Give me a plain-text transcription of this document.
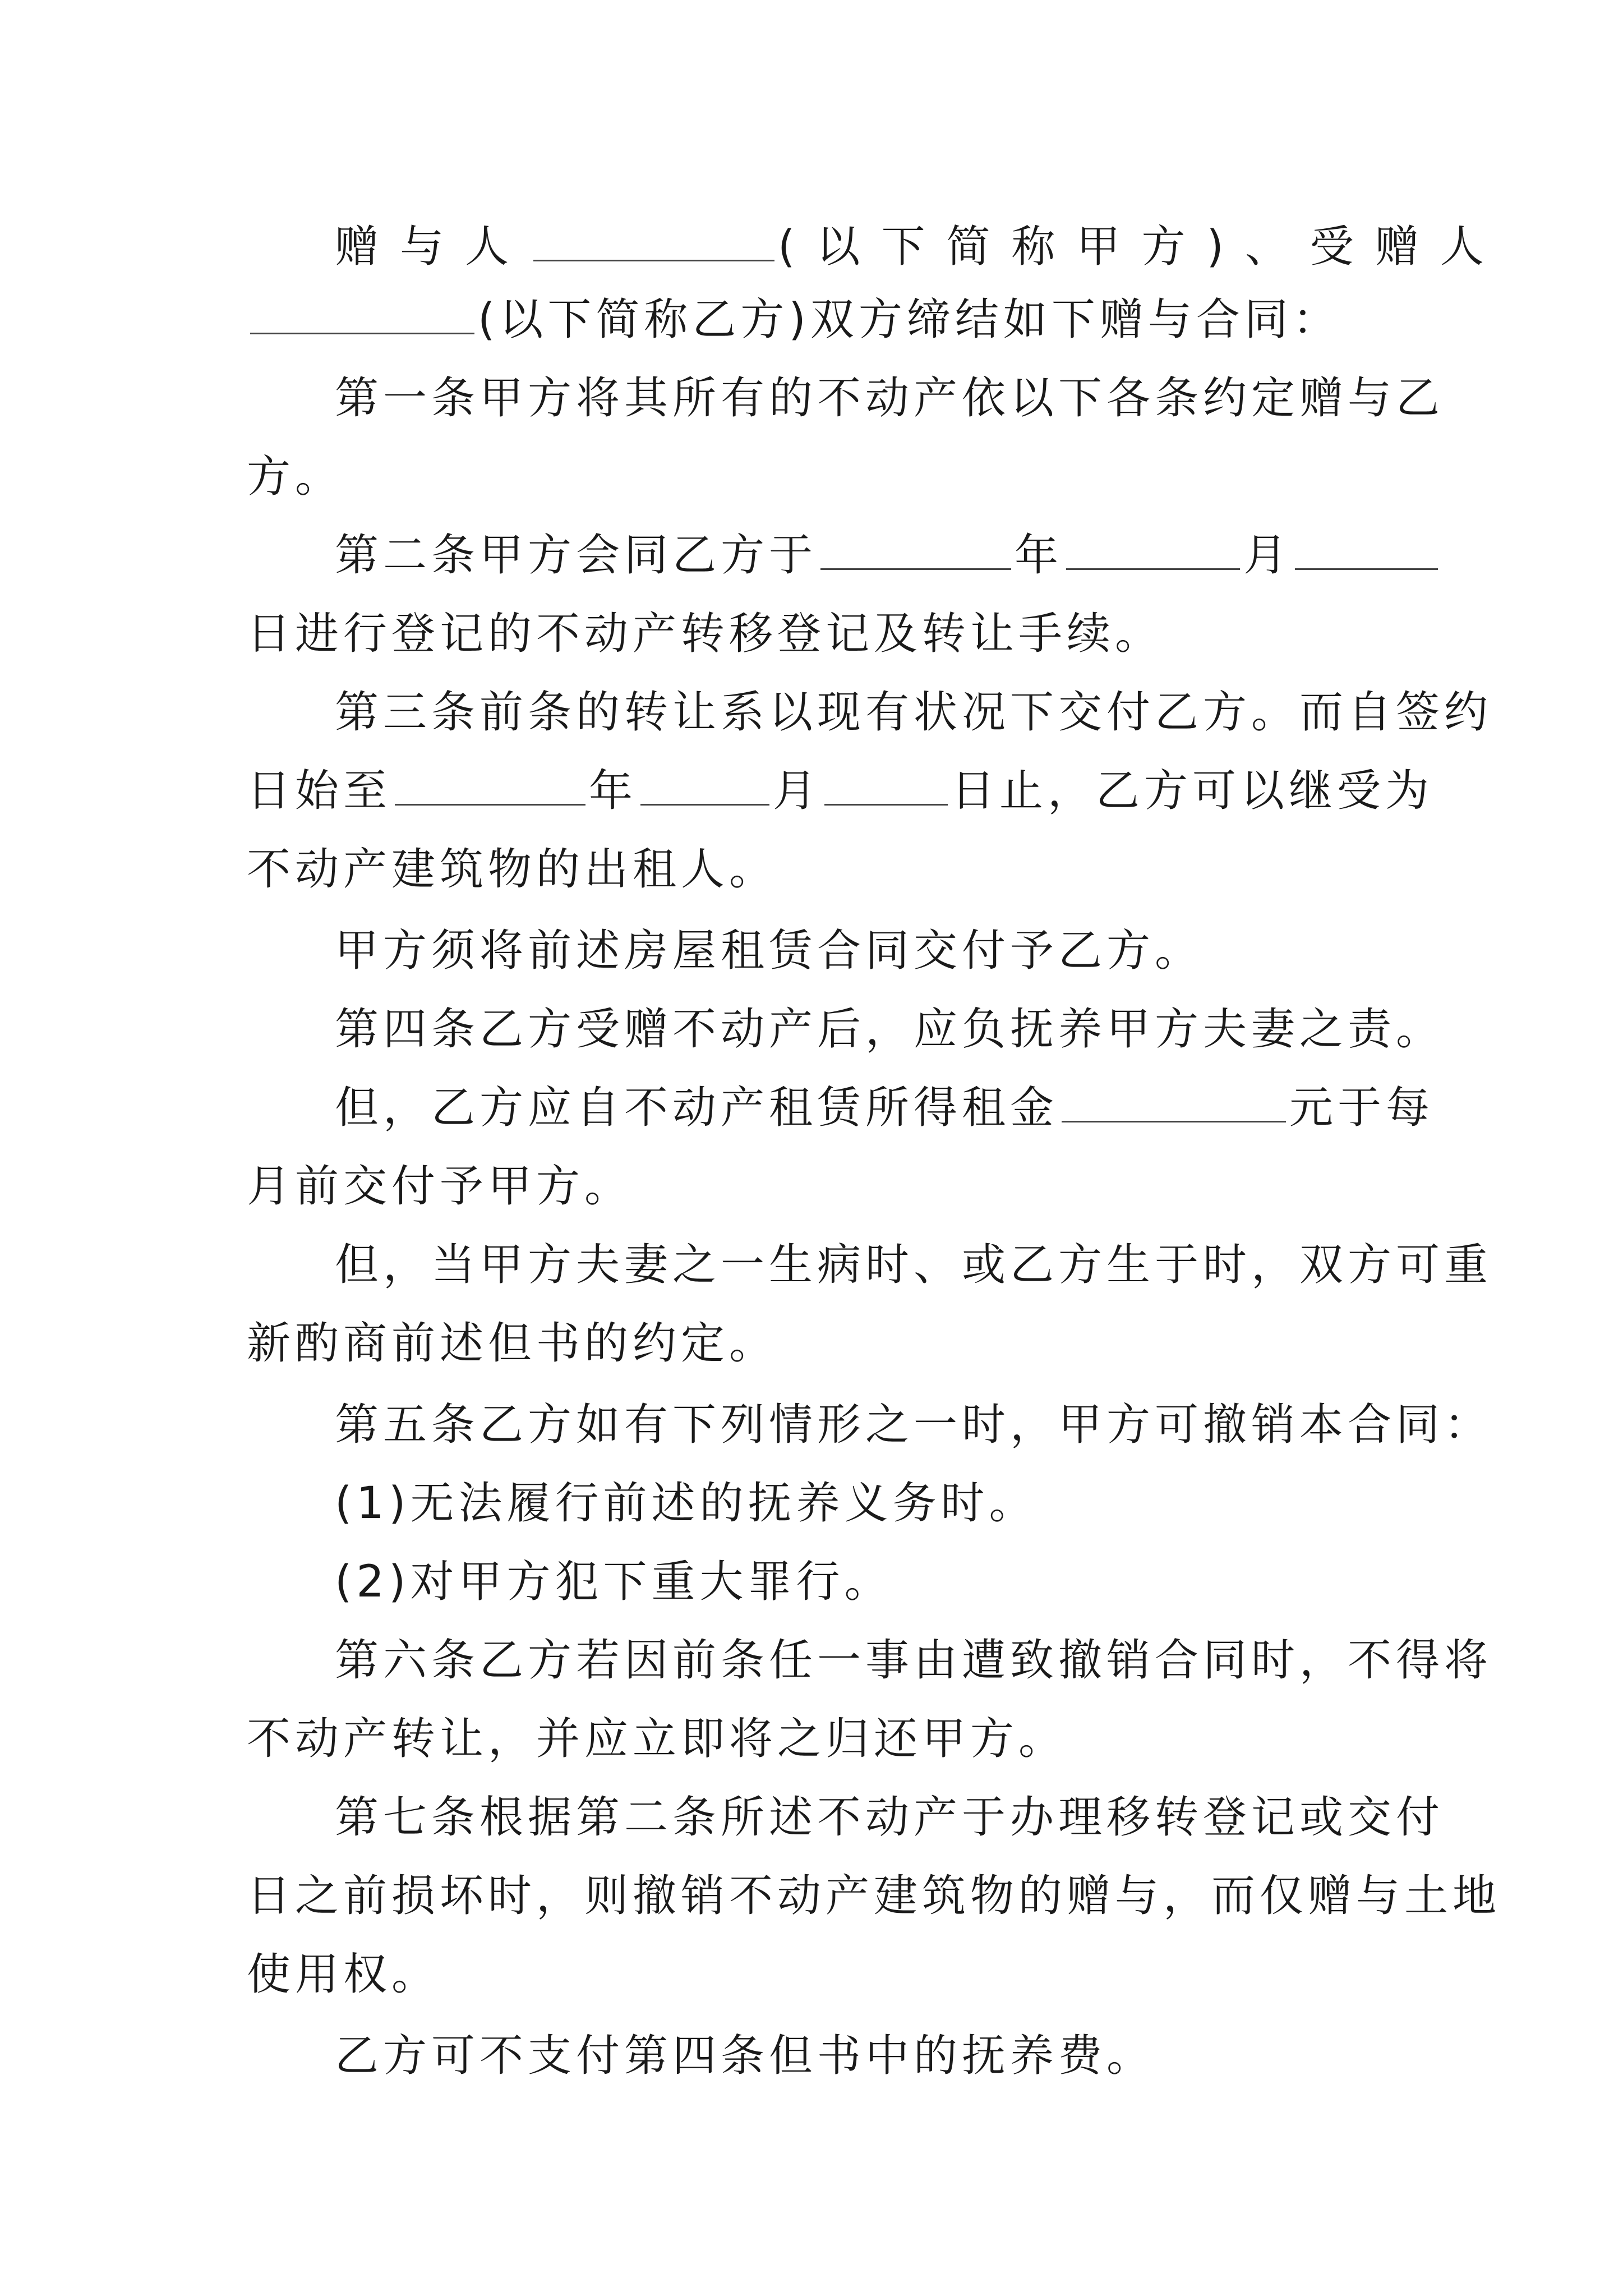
赠与人	(以下简称甲方)、受赠人
(以下简称乙方)双方缔结如下赠与合同：
第一条甲方将其所有的不动产依以下各条约定赠与乙
方。
第二条甲方会同乙方于	年	月
日进行登记的不动产转移登记及转让手续。
第三条前条的转让系以现有状况下交付乙方。而自签约
日始至	年	月	日止，乙方可以继受为
不动产建筑物的出租人。
甲方须将前述房屋租赁合同交付予乙方。
第四条乙方受赠不动产后，应负抚养甲方夫妻之责。
但，乙方应自不动产租赁所得租金	元于每
月前交付予甲方。
但，当甲方夫妻之一生病时、或乙方生于时，双方可重
新酌商前述但书的约定。
第五条乙方如有下列情形之一时，甲方可撤销本合同：
(1)无法履行前述的抚养义务时。
(2)对甲方犯下重大罪行。
第六条乙方若因前条任一事由遭致撤销合同时，不得将
不动产转让，并应立即将之归还甲方。
第七条根据第二条所述不动产于办理移转登记或交付
日之前损坏时，则撤销不动产建筑物的赠与，而仅赠与土地
使用权。
乙方可不支付第四条但书中的抚养费。
